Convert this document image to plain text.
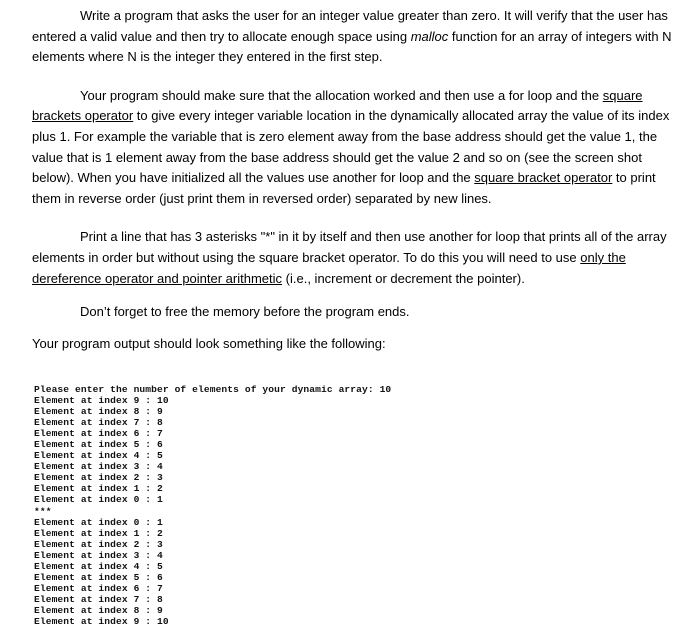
Write a program that asks the user for an integer value greater than zero. It will verify that the user has entered a valid value and then try to allocate enough space using malloc function for an array of integers with N elements where N is the integer they entered in the first step.

Your program should make sure that the allocation worked and then use a for loop and the square brackets operator to give every integer variable location in the dynamically allocated array the value of its index plus 1. For example the variable that is zero element away from the base address should get the value 1, the value that is 1 element away from the base address should get the value 2 and so on (see the screen shot below). When you have initialized all the values use another for loop and the square bracket operator to print them in reverse order (just print them in reversed order) separated by new lines.

Print a line that has 3 asterisks "*" in it by itself and then use another for loop that prints all of the array elements in order but without using the square bracket operator. To do this you will need to use only the dereference operator and pointer arithmetic (i.e., increment or decrement the pointer).

Don’t forget to free the memory before the program ends.

Your program output should look something like the following:

Please enter the number of elements of your dynamic array: 10
Element at index 9 : 10
Element at index 8 : 9
Element at index 7 : 8
Element at index 6 : 7
Element at index 5 : 6
Element at index 4 : 5
Element at index 3 : 4
Element at index 2 : 3
Element at index 1 : 2
Element at index 0 : 1
***
Element at index 0 : 1
Element at index 1 : 2
Element at index 2 : 3
Element at index 3 : 4
Element at index 4 : 5
Element at index 5 : 6
Element at index 6 : 7
Element at index 7 : 8
Element at index 8 : 9
Element at index 9 : 10
